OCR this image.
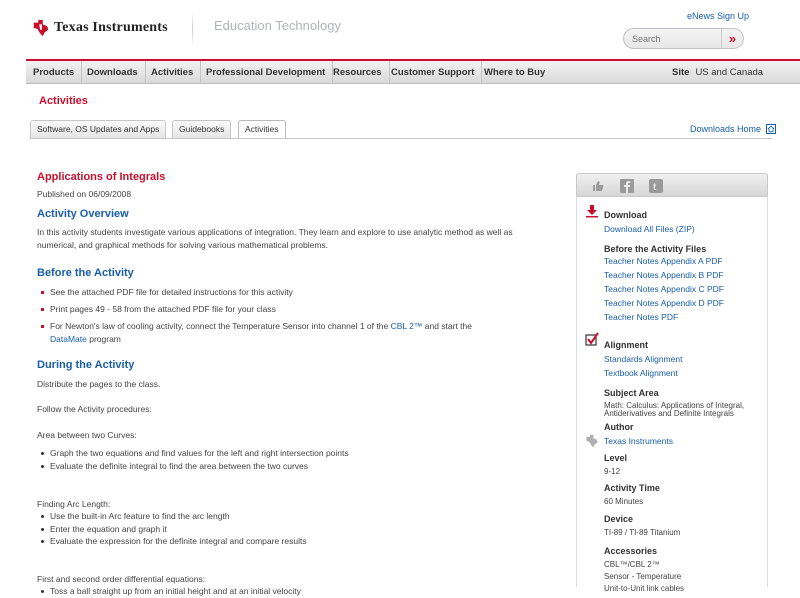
Texas Instruments	Education Technology
eNews Sign Up
Search
»
Products	Downloads	Activities	Professional Development Resources Customer Support	Where to Buy	Site US and Canada
Activities
Software, OS Updates and Apps	Guidebooks	Activities	Downloads Home
Applications of Integrals
Published on 06/09/2008
Activity Overview
In this activity students investigate various applications of integration. They learn and explore to use analytic method as well as numerical, and graphical methods for solving various mathematical problems.
Before the Activity
See the attached PDF file for detailed instructions for this activity
Print pages 49 - 58 from the attached PDF file for your class
For Newton's law of cooling activity, connect the Temperature Sensor into channel 1 of the CBL 2™ and start the
DataMate program
During the Activity
Distribute the pages to the class.
Follow the Activity procedures:
Area between two Curves:
Graph the two equations and find values for the left and right intersection points
Evaluate the definite integral to find the area between the two curves
Finding Arc Length:
Use the built-in Arc feature to find the arc length
Enter the equation and graph it
Evaluate the expression for the definite integral and compare results
First and second order differential equations:
Toss a ball straight up from an initial height and at an initial velocity
t
Download
Download All Files (ZIP)
Before the Activity Files
Teacher Notes Appendix A PDF
Teacher Notes Appendix B PDF
Teacher Notes Appendix C PDF
Teacher Notes Appendix D PDF
Teacher Notes PDF
Alignment
Standards Alignment
Textbook Alignment
Subject Area
Math: Calculus: Applications of Integral,
Antiderivatives and Definite Integrals
Author
Texas Instruments
Level
9-12
Activity Time
60 Minutes
Device
TI-89 / TI-89 Titanium
Accessories
CBL™/CBL 2™
Sensor - Temperature
Unit-to-Unit link cables
